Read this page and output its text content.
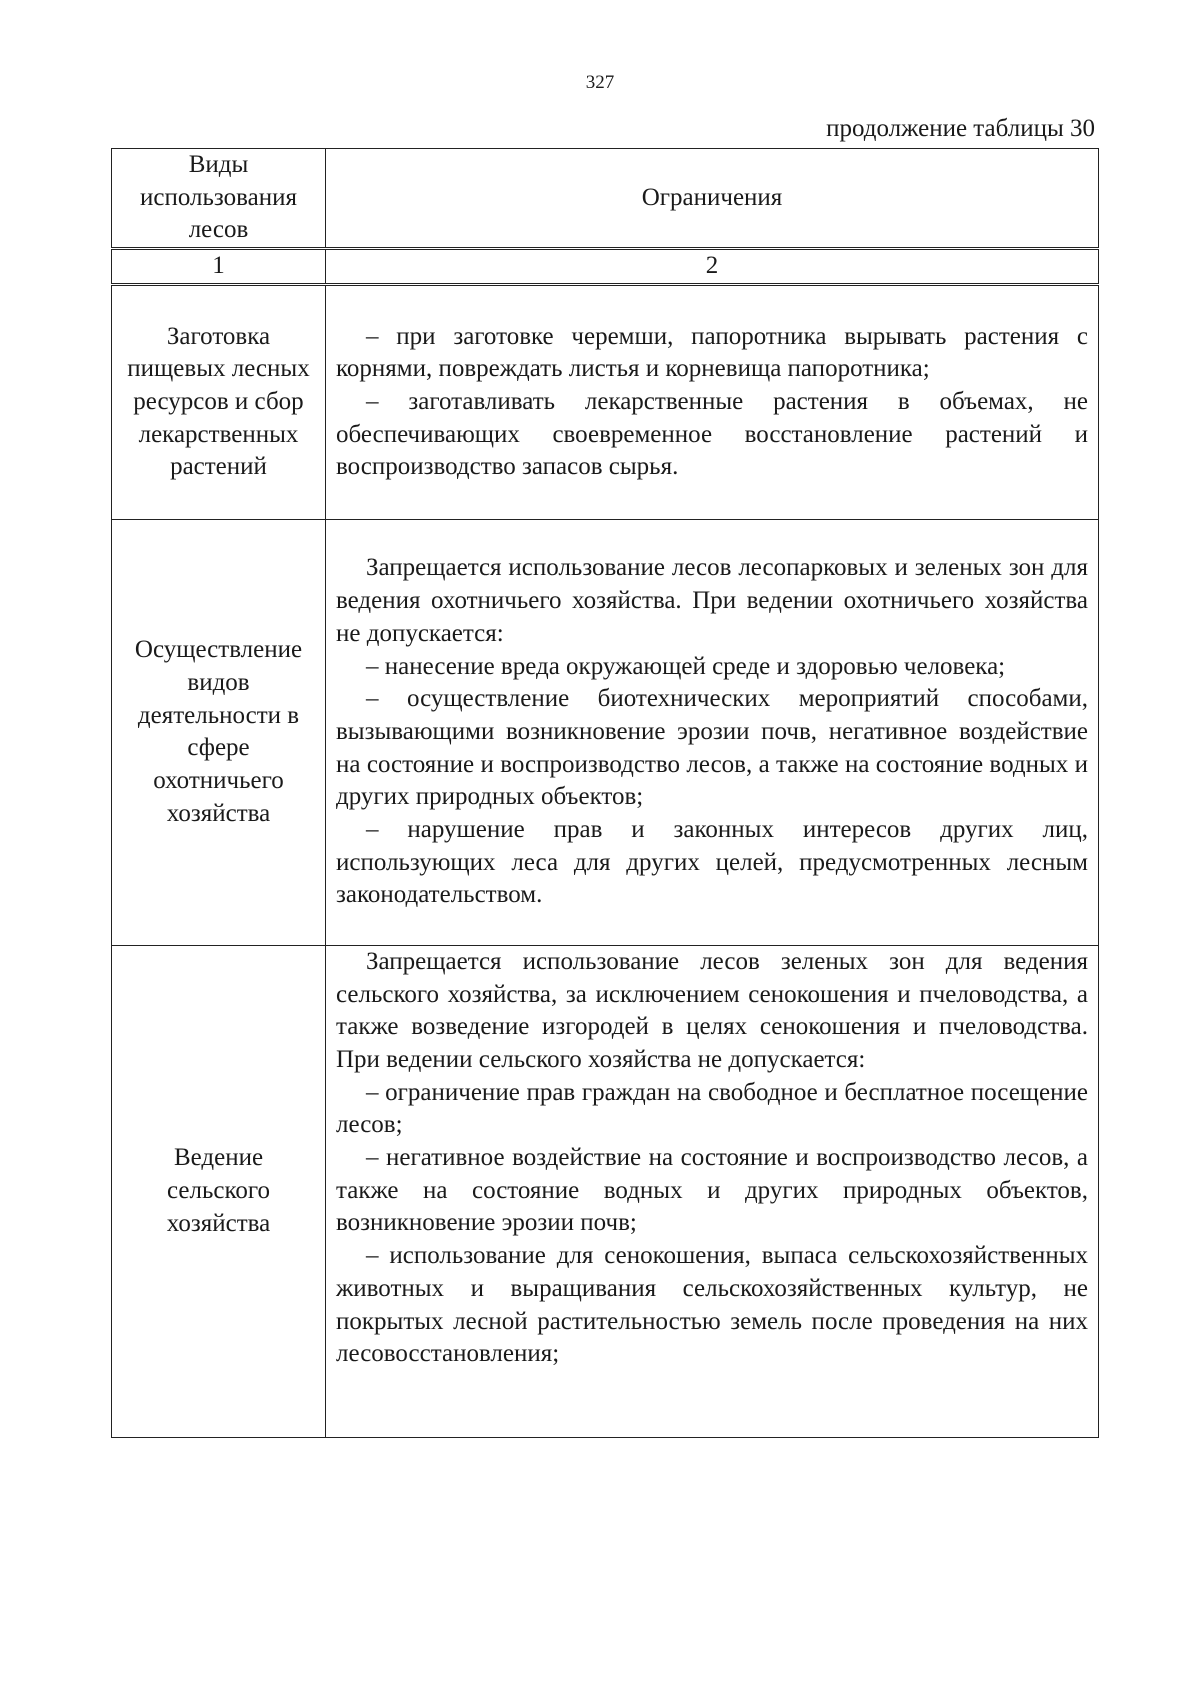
327
продолжение таблицы 30
Виды использования лесов	Ограничения
1	2
Заготовка пищевых лесных ресурсов и сбор лекарственных растений	– при заготовке черемши, папоротника вырывать растения с корнями, повреждать листья и корневища папоротника;

– заготавливать лекарственные растения в объемах, не обеспечивающих своевременное восстановление растений и воспроизводство запасов сырья.

Осуществление видов деятельности в сфере охотничьего хозяйства	Запрещается использование лесов лесопарковых и зеленых зон для ведения охотничьего хозяйства. При ведении охотничьего хозяйства не допускается:

– нанесение вреда окружающей среде и здоровью человека;

– осуществление биотехнических мероприятий способами, вызывающими возникновение эрозии почв, негативное воздействие на состояние и воспроизводство лесов, а также на состояние водных и других природных объектов;

– нарушение прав и законных интересов других лиц, использующих леса для других целей, предусмотренных лесным законодательством.

Ведение сельского хозяйства	Запрещается использование лесов зеленых зон для ведения сельского хозяйства, за исключением сенокошения и пчеловодства, а также возведение изгородей в целях сенокошения и пчеловодства. При ведении сельского хозяйства не допускается:

– ограничение прав граждан на свободное и бесплатное посещение лесов;

– негативное воздействие на состояние и воспроизводство лесов, а также на состояние водных и других природных объектов, возникновение эрозии почв;

– использование для сенокошения, выпаса сельскохозяйственных животных и выращивания сельскохозяйственных культур, не покрытых лесной растительностью земель после проведения на них лесовосстановления;
